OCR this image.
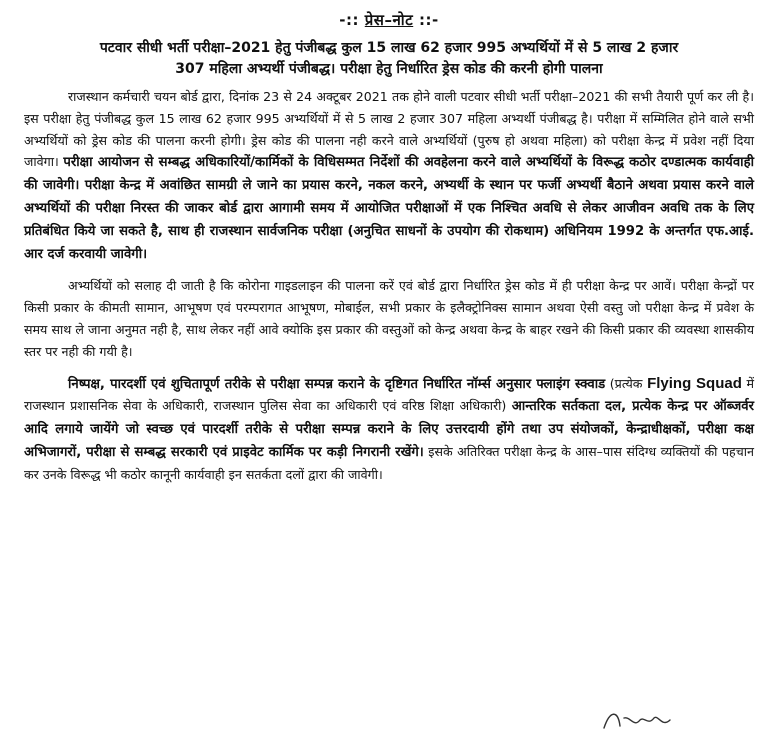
-:: प्रेस–नोट ::-
पटवार सीधी भर्ती परीक्षा–2021 हेतु पंजीबद्ध कुल 15 लाख 62 हजार 995 अभ्यर्थियों में से 5 लाख 2 हजार
307 महिला अभ्यर्थी पंजीबद्ध। परीक्षा हेतु निर्धारित ड्रेस कोड की करनी होगी पालना

राजस्थान कर्मचारी चयन बोर्ड द्वारा, दिनांक 23 से 24 अक्टूबर 2021 तक होने वाली पटवार सीधी भर्ती परीक्षा–2021 की सभी तैयारी पूर्ण कर ली है। इस परीक्षा हेतु पंजीबद्ध कुल 15 लाख 62 हजार 995 अभ्यर्थियों में से 5 लाख 2 हजार 307 महिला अभ्यर्थी पंजीबद्ध है। परीक्षा में सम्मिलित होने वाले सभी अभ्यर्थियों को ड्रेस कोड की पालना करनी होगी। ड्रेस कोड की पालना नही करने वाले अभ्यर्थियों (पुरुष हो अथवा महिला) को परीक्षा केन्द्र में प्रवेश नहीं दिया जावेगा। परीक्षा आयोजन से सम्बद्ध अधिकारियों/कार्मिकों के विधिसम्मत निर्देशों की अवहेलना करने वाले अभ्यर्थियों के विरूद्ध कठोर दण्डात्मक कार्यवाही की जावेगी। परीक्षा केन्द्र में अवांछित सामग्री ले जाने का प्रयास करने, नकल करने, अभ्यर्थी के स्थान पर फर्जी अभ्यर्थी बैठाने अथवा प्रयास करने वाले अभ्यर्थियों की परीक्षा निरस्त की जाकर बोर्ड द्वारा आगामी समय में आयोजित परीक्षाओं में एक निश्चित अवधि से लेकर आजीवन अवधि तक के लिए प्रतिबंधित किये जा सकते है, साथ ही राजस्थान सार्वजनिक परीक्षा (अनुचित साधनों के उपयोग की रोकथाम) अधिनियम 1992 के अन्तर्गत एफ.आई. आर दर्ज करवायी जावेगी।

अभ्यर्थियों को सलाह दी जाती है कि कोरोना गाइडलाइन की पालना करें एवं बोर्ड द्वारा निर्धारित ड्रेस कोड में ही परीक्षा केन्द्र पर आवें। परीक्षा केन्द्रों पर किसी प्रकार के कीमती सामान, आभूषण एवं परम्परागत आभूषण, मोबाईल, सभी प्रकार के इलैक्ट्रोनिक्स सामान अथवा ऐसी वस्तु जो परीक्षा केन्द्र में प्रवेश के समय साथ ले जाना अनुमत नही है, साथ लेकर नहीं आवे क्योकि इस प्रकार की वस्तुओं को केन्द्र अथवा केन्द्र के बाहर रखने की किसी प्रकार की व्यवस्था शासकीय स्तर पर नही की गयी है।

निष्पक्ष, पारदर्शी एवं शुचितापूर्ण तरीके से परीक्षा सम्पन्न कराने के दृष्टिगत निर्धारित नॉर्म्स अनुसार फ्लाइंग स्क्वाड (प्रत्येक Flying Squad में राजस्थान प्रशासनिक सेवा के अधिकारी, राजस्थान पुलिस सेवा का अधिकारी एवं वरिष्ठ शिक्षा अधिकारी) आन्तरिक सर्तकता दल, प्रत्येक केन्द्र पर ऑब्जर्वर आदि लगाये जायेंगे जो स्वच्छ एवं पारदर्शी तरीके से परीक्षा सम्पन्न कराने के लिए उत्तरदायी होंगे तथा उप संयोजकों, केन्द्राधीक्षकों, परीक्षा कक्ष अभिजागरों, परीक्षा से सम्बद्ध सरकारी एवं प्राइवेट कार्मिक पर कड़ी निगरानी रखेंगे। इसके अतिरिक्त परीक्षा केन्द्र के आस–पास संदिग्ध व्यक्तियों की पहचान कर उनके विरूद्ध भी कठोर कानूनी कार्यवाही इन सतर्कता दलों द्वारा की जावेगी।
